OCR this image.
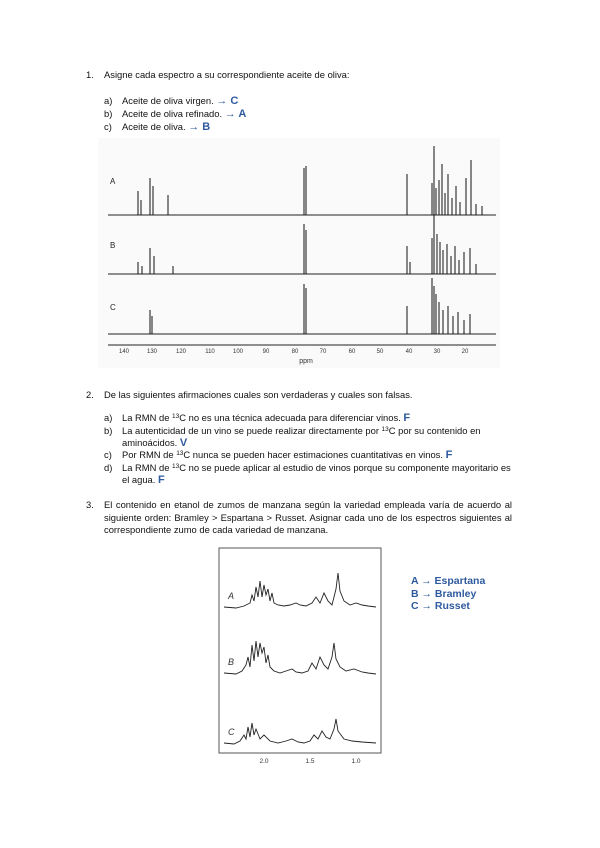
1. Asigne cada espectro a su correspondiente aceite de oliva:
a) Aceite de oliva virgen. → C
b) Aceite de oliva refinado. → A
c) Aceite de oliva. → B
A
B
C
140	130	120	110	100	90	80	70	60	50	40	30	20
ppm
2. De las siguientes afirmaciones cuales son verdaderas y cuales son falsas.
a) La RMN de $^{13}$C no es una técnica adecuada para diferenciar vinos. F
b) La autenticidad de un vino se puede realizar directamente por $^{13}$C por su contenido en aminoácidos. V
c) Por RMN de $^{13}$C nunca se pueden hacer estimaciones cuantitativas en vinos. F
d) La RMN de $^{13}$C no se puede aplicar al estudio de vinos porque su componente mayoritario es el agua. F
3. El contenido en etanol de zumos de manzana según la variedad empleada varía de acuerdo al siguiente orden: Bramley > Espartana > Russet. Asignar cada uno de los espectros siguientes al correspondiente zumo de cada variedad de manzana.
A
B
C
2.0	1.5	1.0
A → Espartana
B → Bramley
C → Russet
